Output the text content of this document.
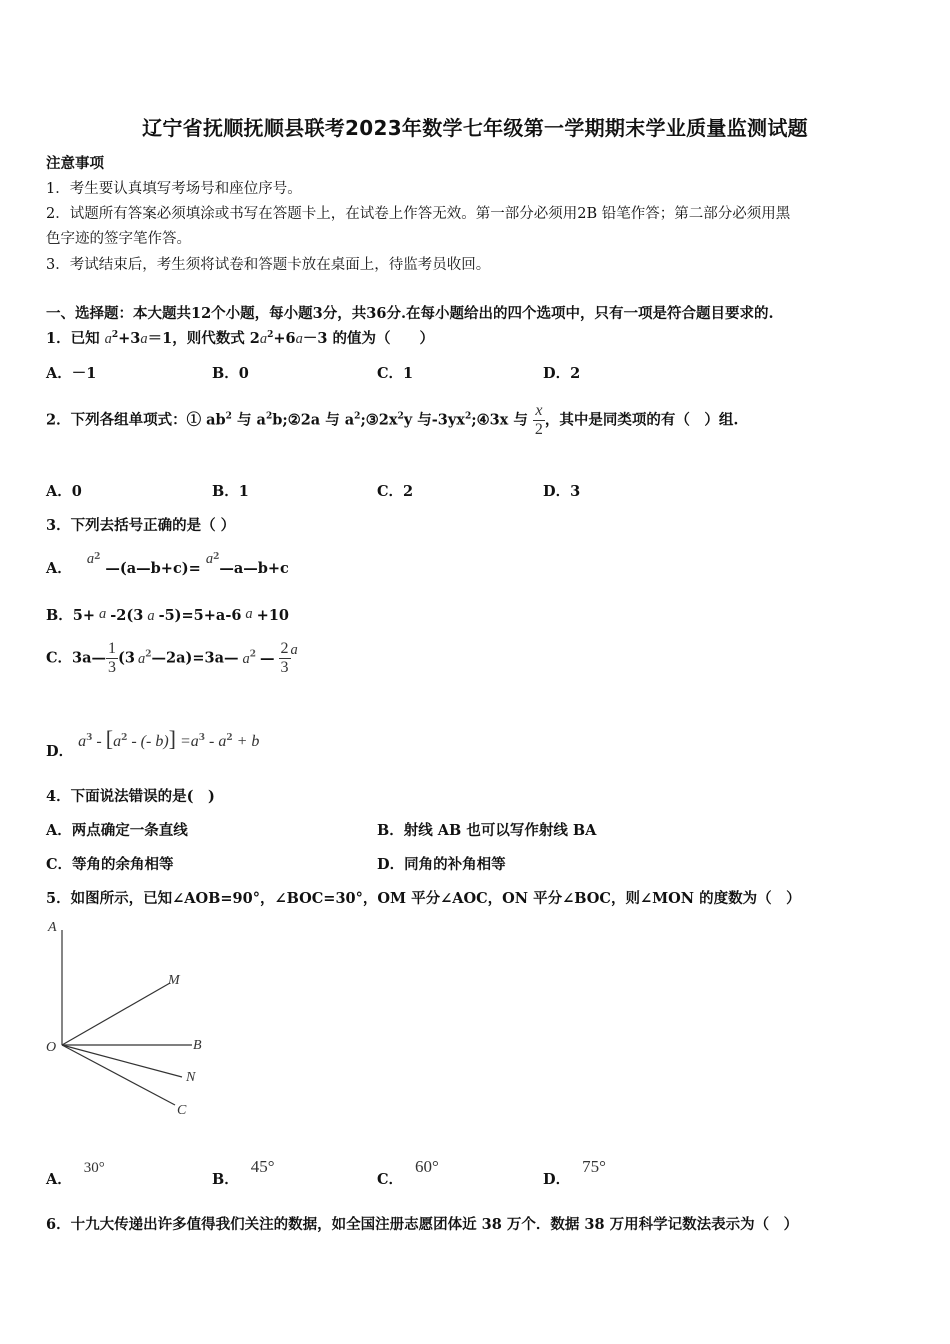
辽宁省抚顺抚顺县联考2023年数学七年级第一学期期末学业质量监测试题
注意事项
1．考生要认真填写考场号和座位序号。
2．试题所有答案必须填涂或书写在答题卡上，在试卷上作答无效。第一部分必须用2B 铅笔作答；第二部分必须用黑
色字迹的签字笔作答。
3．考试结束后，考生须将试卷和答题卡放在桌面上，待监考员收回。
一、选择题：本大题共12个小题，每小题3分，共36分.在每小题给出的四个选项中，只有一项是符合题目要求的.
1．已知 $a^2+3a=1$，则代数式 $2a^2+6a-3$ 的值为（　　）
A．－1	B．0	C．1	D．2
2．下列各组单项式：① $ab^2$ 与 $a^2b;②2a$ 与 $a^2;③2x^2y$ 与$-3yx^2;④3x$ 与 $\frac{x}{2}$ ，其中是同类项的有（　）组.
A．0	B．1	C．2	D．3
3．下列去括号正确的是（ ）
A． $a^2$ —(a—b+c)= $a^2—a—b+c$
B．5+ a -2(3 a -5)=5+a-6 a +10
C．3a— $\frac{1}{3} (3$ $a^2—2a)=3a—$ $a^2$ — $\frac{2}{3}$ a
D． $a^3 - [a^2$ - (- $b)] =a^3 - a^2 + b$
4．下面说法错误的是(　)
A．两点确定一条直线	B．射线 AB 也可以写作射线 BA
C．等角的余角相等	D．同角的补角相等
5．如图所示，已知∠AOB=90°，∠BOC=30°，OM 平分∠AOC，ON 平分∠BOC，则∠MON 的度数为（　）
A
M
O	B
N
C
A．30°
B．45°
C．60°
D．75°
6．十九大传递出许多值得我们关注的数据，如全国注册志愿团体近 38 万个．数据 38 万用科学记数法表示为（　）
